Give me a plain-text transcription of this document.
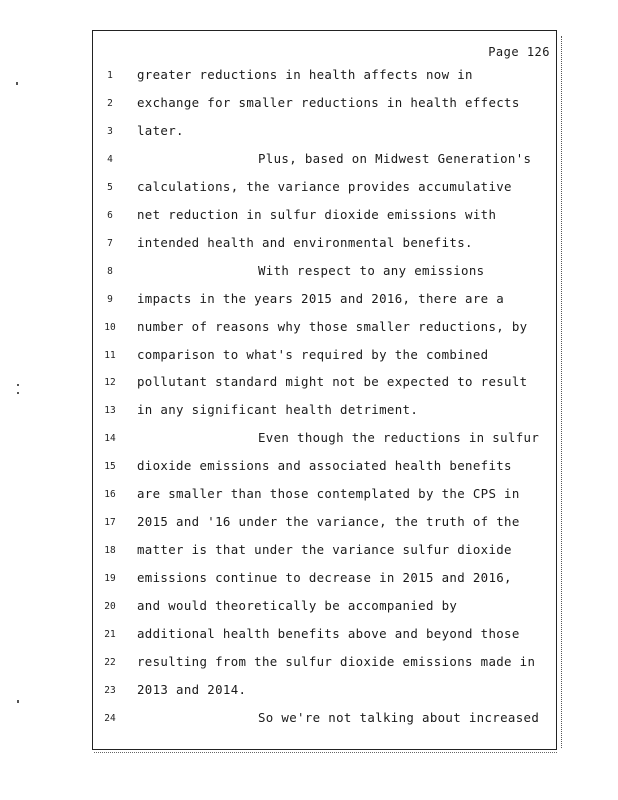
Page 126
1	greater reductions in health affects now in
2	exchange for smaller reductions in health effects
3	later.
4	Plus, based on Midwest Generation's
5	calculations, the variance provides accumulative
6	net reduction in sulfur dioxide emissions with
7	intended health and environmental benefits.
8	With respect to any emissions
9	impacts in the years 2015 and 2016, there are a
10 number of reasons why those smaller reductions, by
11 comparison to what's required by the combined
12 pollutant standard might not be expected to result
13 in any significant health detriment.
14	Even though the reductions in sulfur
15 dioxide emissions and associated health benefits
16 are smaller than those contemplated by the CPS in
17 2015 and '16 under the variance, the truth of the
18 matter is that under the variance sulfur dioxide
19 emissions continue to decrease in 2015 and 2016,
20 and would theoretically be accompanied by
21 additional health benefits above and beyond those
22 resulting from the sulfur dioxide emissions made in
23 2013 and 2014.
24	So we're not talking about increased
